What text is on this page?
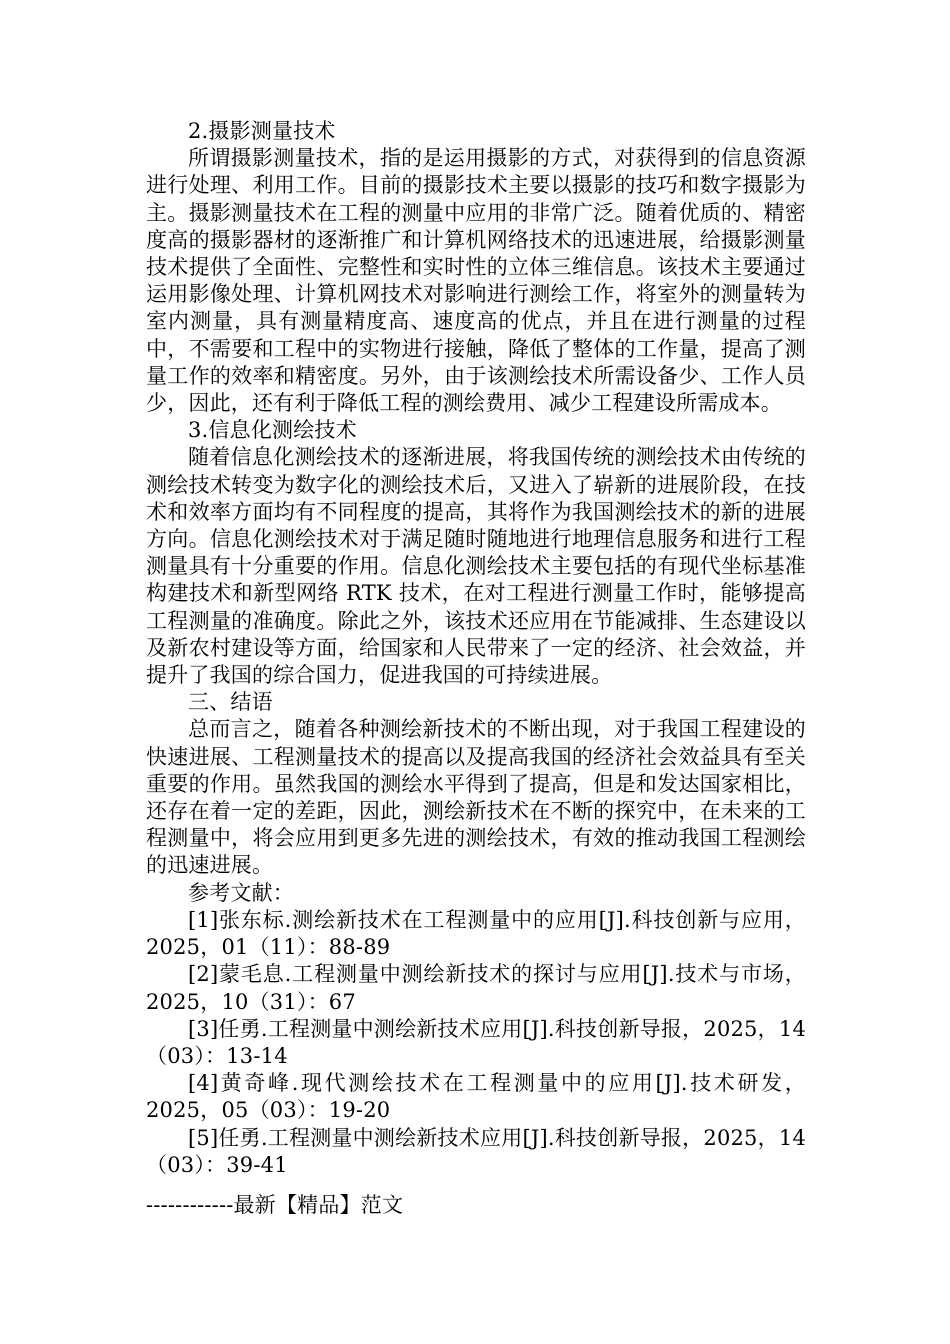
2.摄影测量技术

所谓摄影测量技术，指的是运用摄影的方式，对获得到的信息资源进行处理、利用工作。目前的摄影技术主要以摄影的技巧和数字摄影为主。摄影测量技术在工程的测量中应用的非常广泛。随着优质的、精密度高的摄影器材的逐渐推广和计算机网络技术的迅速进展，给摄影测量技术提供了全面性、完整性和实时性的立体三维信息。该技术主要通过运用影像处理、计算机网技术对影响进行测绘工作，将室外的测量转为室内测量，具有测量精度高、速度高的优点，并且在进行测量的过程中，不需要和工程中的实物进行接触，降低了整体的工作量，提高了测量工作的效率和精密度。另外，由于该测绘技术所需设备少、工作人员少，因此，还有利于降低工程的测绘费用、减少工程建设所需成本。

3.信息化测绘技术

随着信息化测绘技术的逐渐进展，将我国传统的测绘技术由传统的测绘技术转变为数字化的测绘技术后，又进入了崭新的进展阶段，在技术和效率方面均有不同程度的提高，其将作为我国测绘技术的新的进展方向。信息化测绘技术对于满足随时随地进行地理信息服务和进行工程测量具有十分重要的作用。信息化测绘技术主要包括的有现代坐标基准构建技术和新型网络 RTK 技术，在对工程进行测量工作时，能够提高工程测量的准确度。除此之外，该技术还应用在节能减排、生态建设以及新农村建设等方面，给国家和人民带来了一定的经济、社会效益，并提升了我国的综合国力，促进我国的可持续进展。

三、结语

总而言之，随着各种测绘新技术的不断出现，对于我国工程建设的快速进展、工程测量技术的提高以及提高我国的经济社会效益具有至关重要的作用。虽然我国的测绘水平得到了提高，但是和发达国家相比，还存在着一定的差距，因此，测绘新技术在不断的探究中，在未来的工程测量中，将会应用到更多先进的测绘技术，有效的推动我国工程测绘的迅速进展。

参考文献：

[1]张东标.测绘新技术在工程测量中的应用[J].科技创新与应用，2025，01（11）：88-89

[2]蒙毛息.工程测量中测绘新技术的探讨与应用[J].技术与市场，2025，10（31）：67

[3]任勇.工程测量中测绘新技术应用[J].科技创新导报，2025，14（03）：13-14

[4]黄奇峰.现代测绘技术在工程测量中的应用[J].技术研发，2025，05（03）：19-20

[5]任勇.工程测量中测绘新技术应用[J].科技创新导报，2025，14（03）：39-41

------------最新【精品】范文
